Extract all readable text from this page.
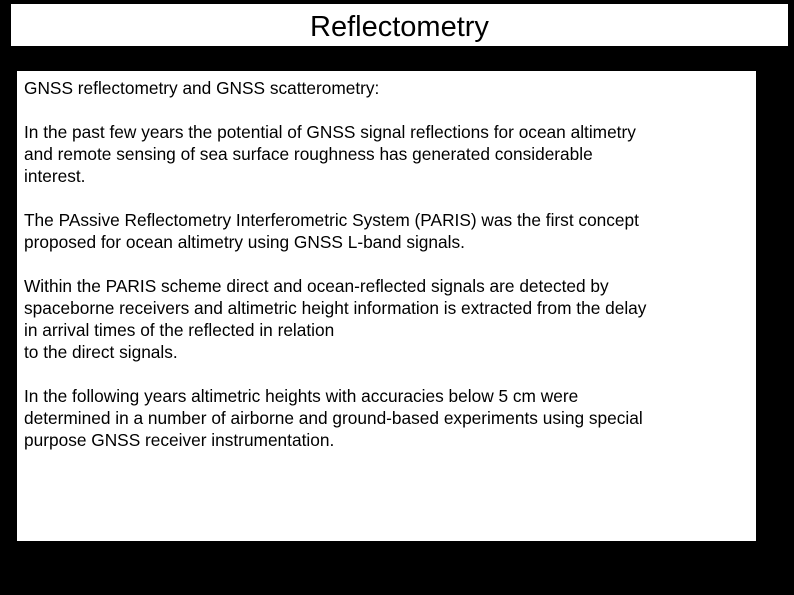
Reflectometry

GNSS reflectometry and GNSS scatterometry:

In the past few years the potential of GNSS signal reflections for ocean altimetry
and remote sensing of sea surface roughness has generated considerable
interest.

The PAssive Reflectometry Interferometric System (PARIS) was the first concept
proposed for ocean altimetry using GNSS L-band signals.

Within the PARIS scheme direct and ocean-reflected signals are detected by
spaceborne receivers and altimetric height information is extracted from the delay
in arrival times of the reflected in relation
to the direct signals.

In the following years altimetric heights with accuracies below 5 cm were
determined in a number of airborne and ground-based experiments using special
purpose GNSS receiver instrumentation.
